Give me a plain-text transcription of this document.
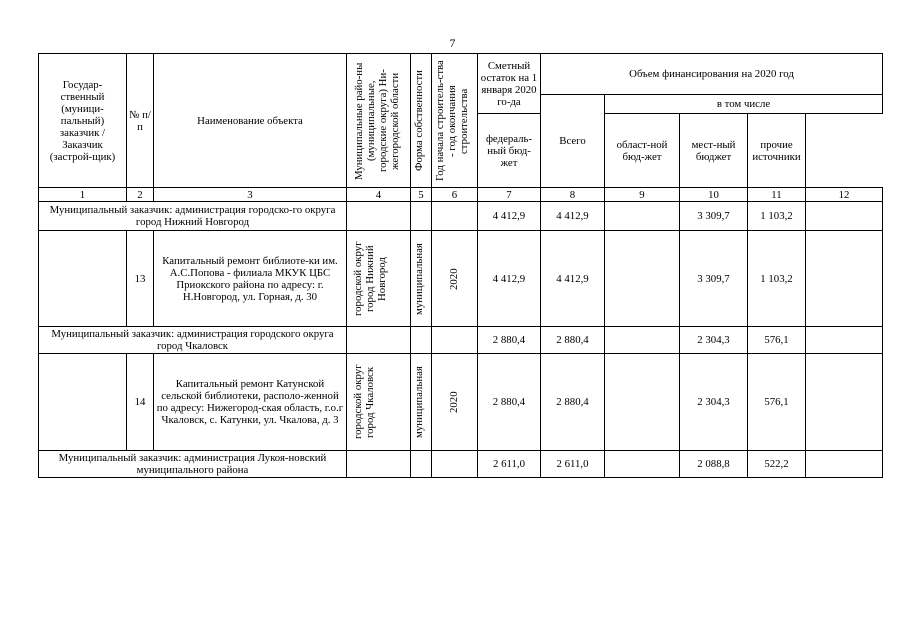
7
Государ-ственный (муници-пальный) заказчик / Заказчик (застрой-щик)	№ п/п	Наименование объекта	Муниципальные райо-ны (муниципальные, городские округа) Ни-жегородской области	Форма собственности	Год начала строитель-ства - год окончания строительства	Сметный остаток на 1 января 2020 го-да	Объем финансирования на 2020 год				
							Всего	в том числе			
						федераль-ный бюд-жет		област-ной бюд-жет	мест-ный бюджет	прочие источники	
1	2	3	4	5	6	7	8	9	10	11	12
Муниципальный заказчик: администрация городско-го округа город Нижний Новгород						4 412,9	4 412,9		3 309,7	1 103,2	
	13	Капитальный ремонт библиоте-ки им. А.С.Попова - филиала МКУК ЦБС Приокского района по адресу: г. Н.Новгород, ул. Горная, д. 30	городской округ город Нижний Новгород	муниципальная	2020	4 412,9	4 412,9		3 309,7	1 103,2	
Муниципальный заказчик: администрация городского округа город Чкаловск						2 880,4	2 880,4		2 304,3	576,1	
	14	Капитальный ремонт Катунской сельской библиотеки, располо-женной по адресу: Нижегород-ская область, г.о.г Чкаловск, с. Катунки, ул. Чкалова, д. 3	городской округ город Чкаловск	муниципальная	2020	2 880,4	2 880,4		2 304,3	576,1	
Муниципальный заказчик: администрация Лукоя-новский муниципального района						2 611,0	2 611,0		2 088,8	522,2	
